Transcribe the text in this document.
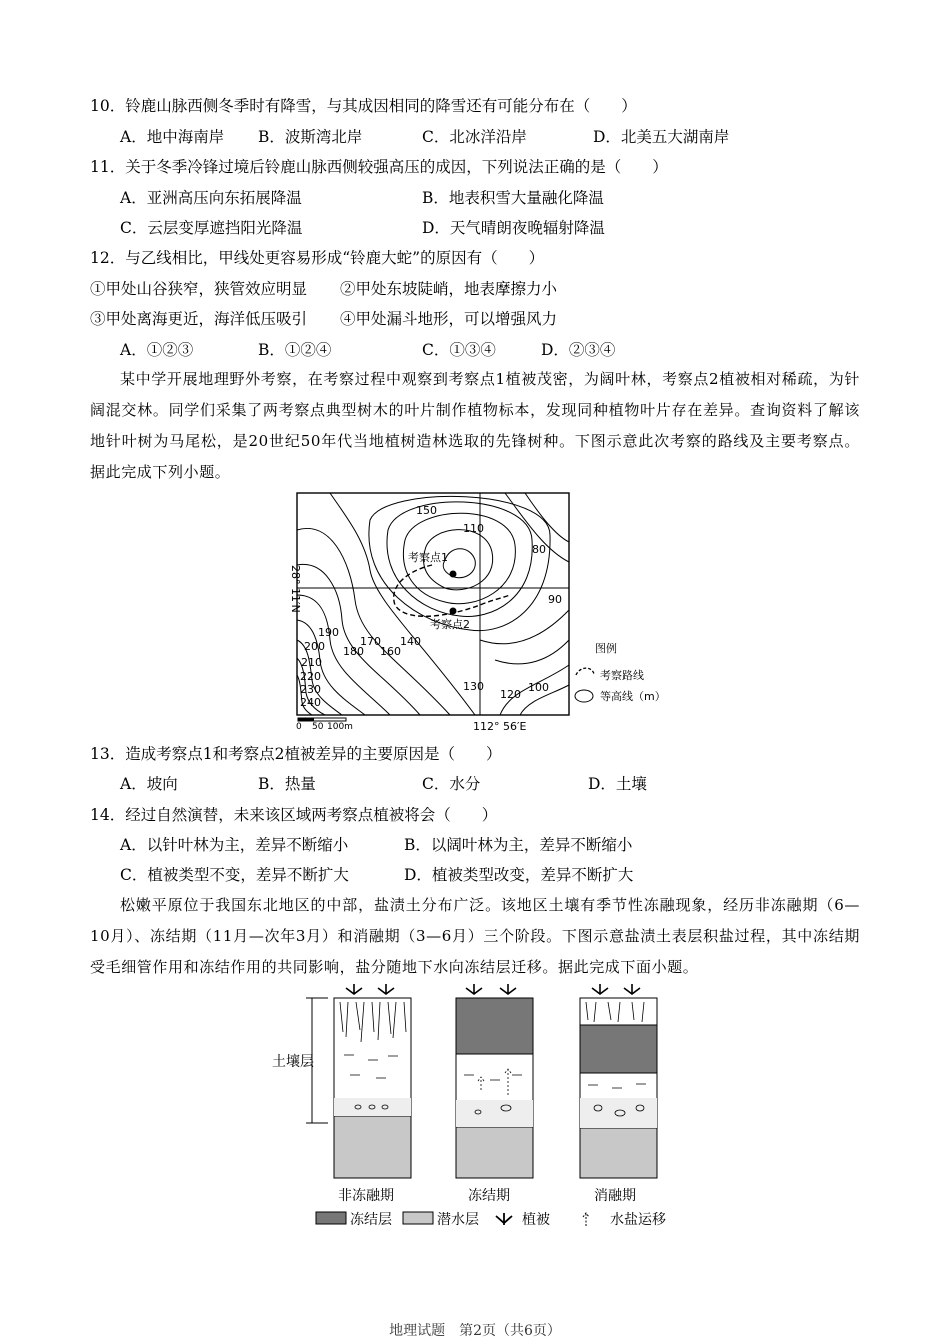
10．铃鹿山脉西侧冬季时有降雪，与其成因相同的降雪还有可能分布在（　　）
A．地中海南岸 B．波斯湾北岸	C．北冰洋沿岸	D．北美五大湖南岸
11．关于冬季冷锋过境后铃鹿山脉西侧较强高压的成因，下列说法正确的是（　　）
A．亚洲高压向东拓展降温	B．地表积雪大量融化降温
C．云层变厚遮挡阳光降温	D．天气晴朗夜晚辐射降温
12．与乙线相比，甲线处更容易形成“铃鹿大蛇”的原因有（　　）
①甲处山谷狭窄，狭管效应明显 ②甲处东坡陡峭，地表摩擦力小
③甲处离海更近，海洋低压吸引 ④甲处漏斗地形，可以增强风力
A．①②③	B．①②④	C．①③④	D．②③④
某中学开展地理野外考察，在考察过程中观察到考察点1植被茂密，为阔叶林，考察点2植被相对稀疏，为针阔混交林。同学们采集了两考察点典型树木的叶片制作植物标本，发现同种植物叶片存在差异。查询资料了解该地针叶树为马尾松，是20世纪50年代当地植树造林选取的先锋树种。下图示意此次考察的路线及主要考察点。据此完成下列小题。
考察点1
考察点2
150
110
80
90
100
120
130
140
160
170
180
190
200
210
220
230
240
28° 11′N
112° 56′E
0 50 100m
图例
考察路线
等高线（m）
13．造成考察点1和考察点2植被差异的主要原因是（　　）
A．坡向	B．热量	C．水分	D．土壤
14．经过自然演替，未来该区域两考察点植被将会（　　）
A．以针叶林为主，差异不断缩小	B．以阔叶林为主，差异不断缩小
C．植被类型不变，差异不断扩大	D．植被类型改变，差异不断扩大
松嫩平原位于我国东北地区的中部，盐渍土分布广泛。该地区土壤有季节性冻融现象，经历非冻融期（6—10月）、冻结期（11月—次年3月）和消融期（3—6月）三个阶段。下图示意盐渍土表层积盐过程，其中冻结期受毛细管作用和冻结作用的共同影响，盐分随地下水向冻结层迁移。据此完成下面小题。
土壤层
非冻融期	冻结期	消融期
冻结层	潜水层	植被	水盐运移
地理试题　第2页（共6页）
